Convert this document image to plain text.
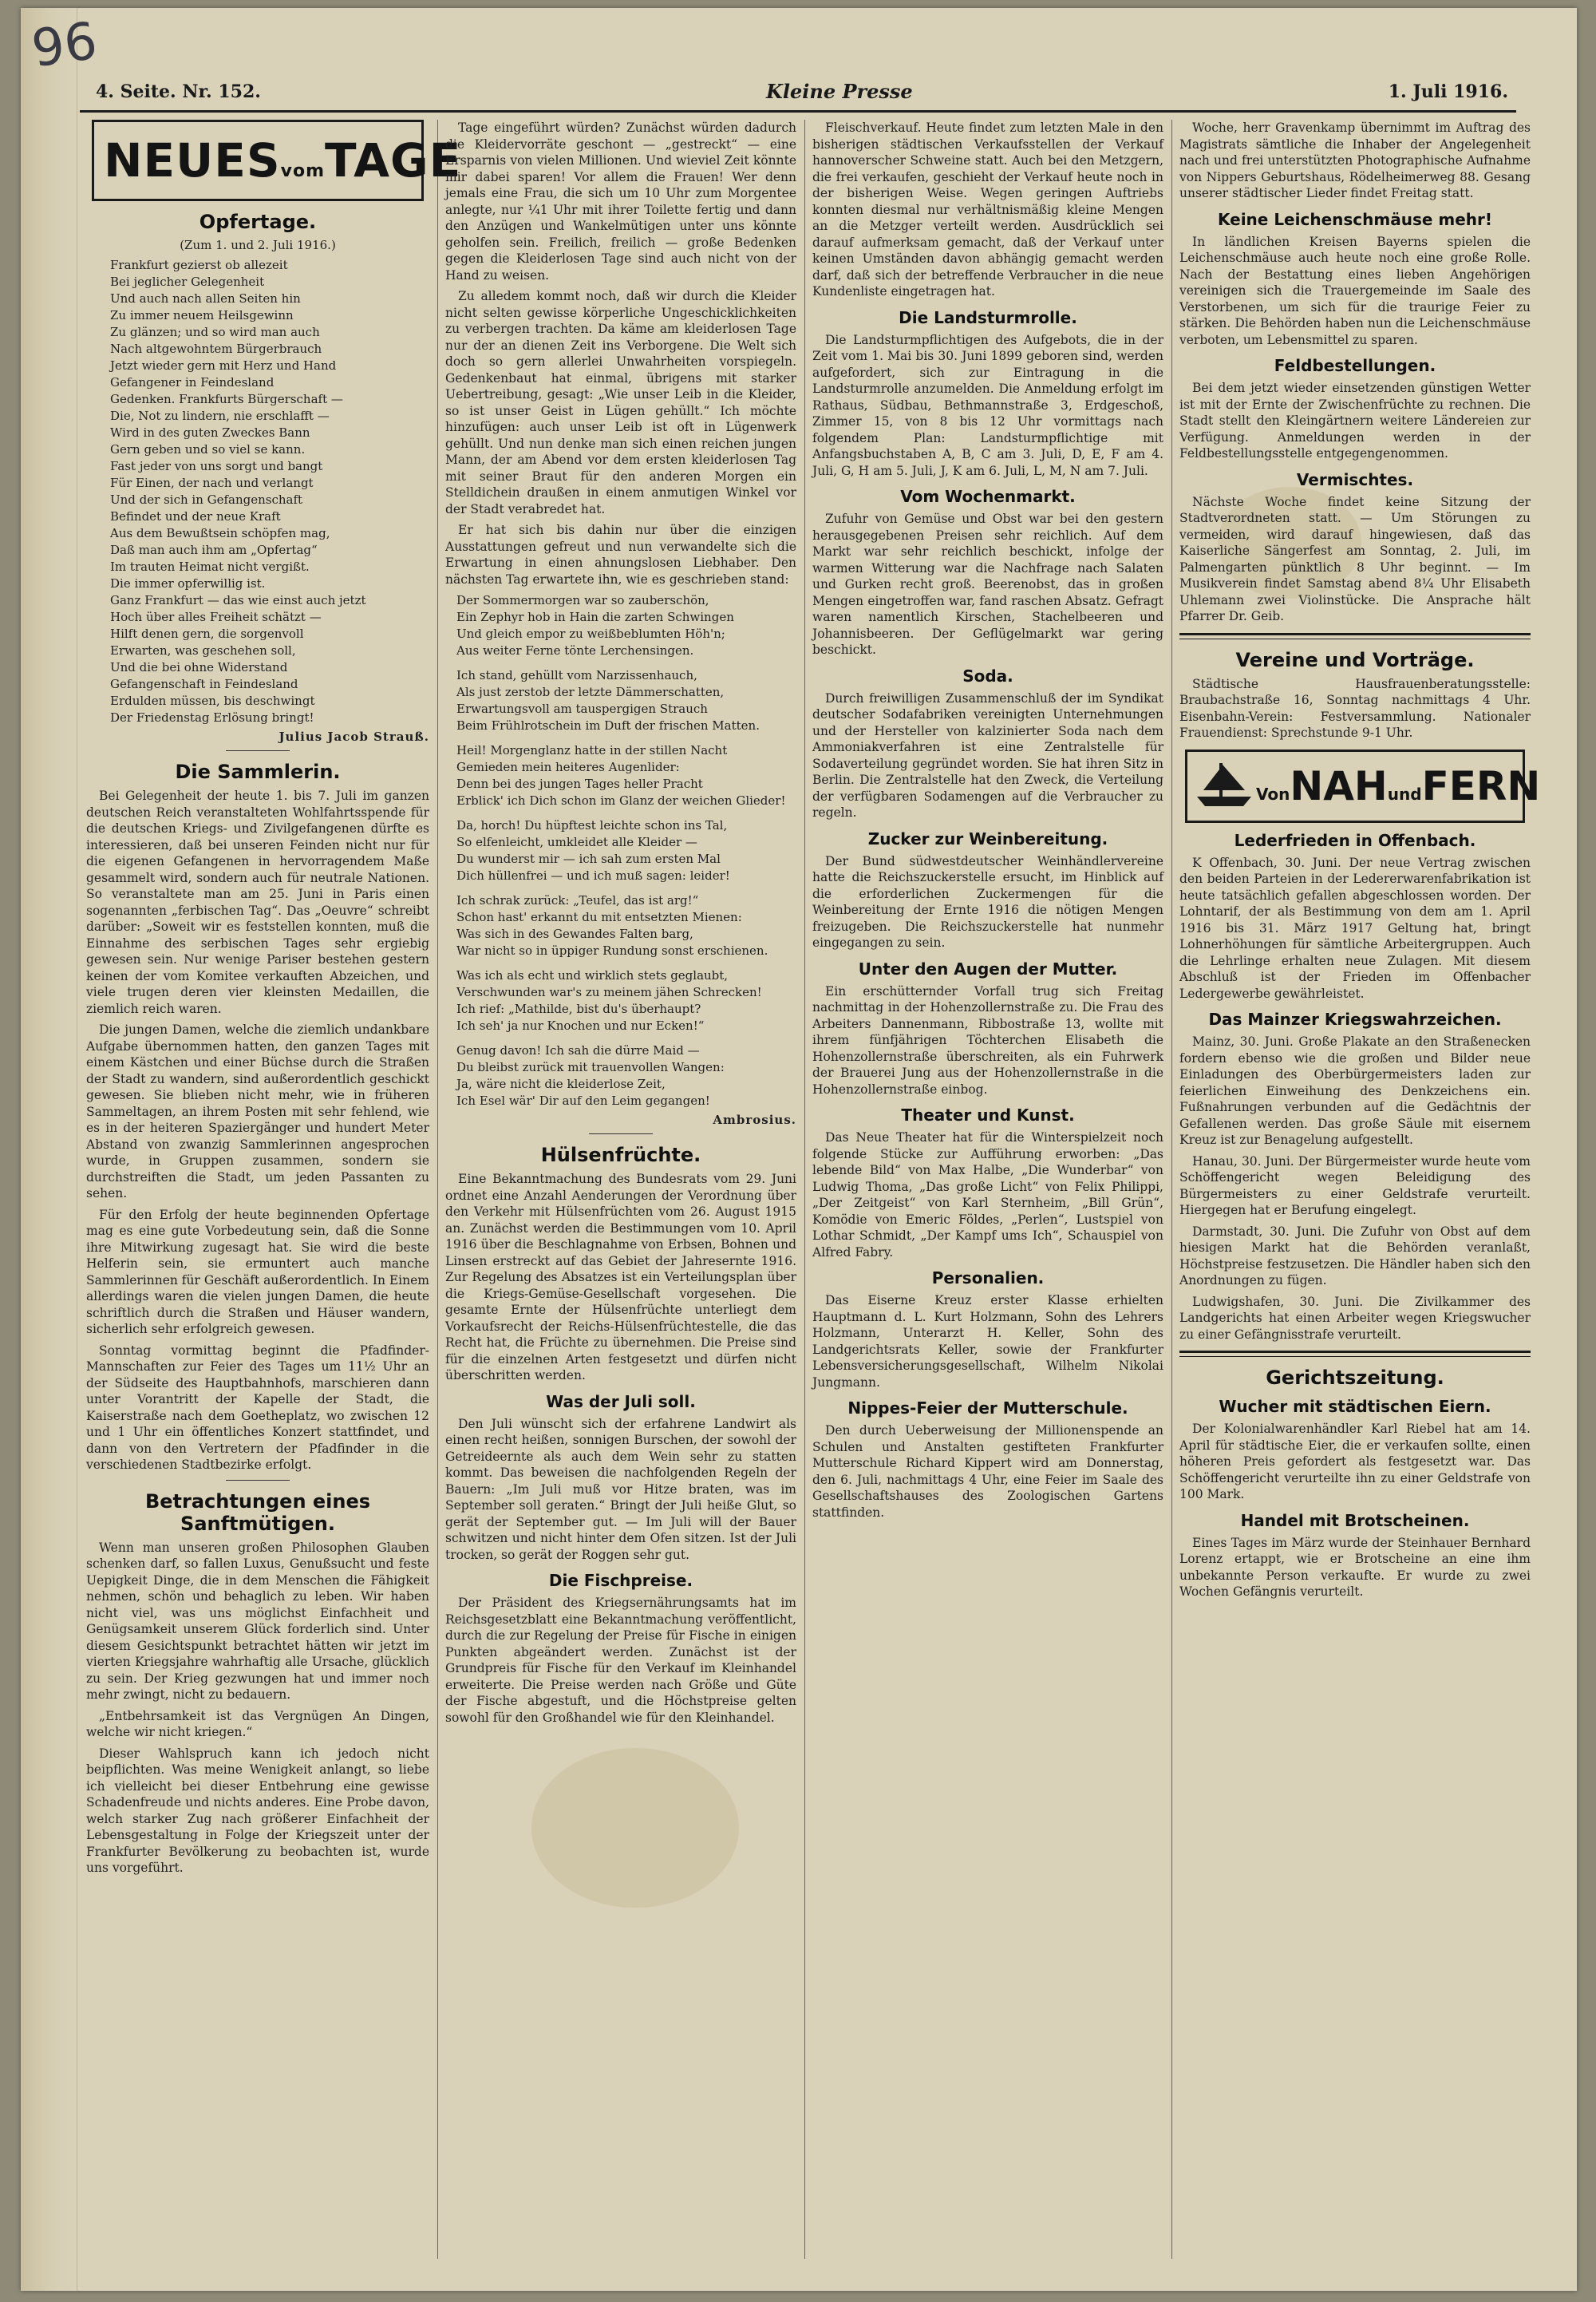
96
4. Seite. Nr. 152.	Kleine Presse	1. Juli 1916.
NEUESvomTAGE
Opfertage.
(Zum 1. und 2. Juli 1916.)
Frankfurt gezierst ob allezeit
Bei jeglicher Gelegenheit
Und auch nach allen Seiten hin
Zu immer neuem Heilsgewinn
Zu glänzen; und so wird man auch
Nach altgewohntem Bürgerbrauch
Jetzt wieder gern mit Herz und Hand
Gefangener in Feindesland
Gedenken. Frankfurts Bürgerschaft —
Die, Not zu lindern, nie erschlafft —
Wird in des guten Zweckes Bann
Gern geben und so viel se kann.
Fast jeder von uns sorgt und bangt
Für Einen, der nach und verlangt
Und der sich in Gefangenschaft
Befindet und der neue Kraft
Aus dem Bewußtsein schöpfen mag,
Daß man auch ihm am „Opfertag“
Im trauten Heimat nicht vergißt.
Die immer opferwillig ist.
Ganz Frankfurt — das wie einst auch jetzt
Hoch über alles Freiheit schätzt —
Hilft denen gern, die sorgenvoll
Erwarten, was geschehen soll,
Und die bei ohne Widerstand
Gefangenschaft in Feindesland
Erdulden müssen, bis deschwingt
Der Friedenstag Erlösung bringt!
Julius Jacob Strauß.
Die Sammlerin.

Bei Gelegenheit der heute 1. bis 7. Juli im ganzen deutschen Reich veranstalteten Wohlfahrtsspende für die deutschen Kriegs- und Zivilgefangenen dürfte es interessieren, daß bei unseren Feinden nicht nur für die eigenen Gefangenen in hervorragendem Maße gesammelt wird, sondern auch für neutrale Nationen. So veranstaltete man am 25. Juni in Paris einen sogenannten „ferbischen Tag“. Das „Oeuvre“ schreibt darüber: „Soweit wir es feststellen konnten, muß die Einnahme des serbischen Tages sehr ergiebig gewesen sein. Nur wenige Pariser bestehen gestern keinen der vom Komitee verkauften Abzeichen, und viele trugen deren vier kleinsten Medaillen, die ziemlich reich waren.

Die jungen Damen, welche die ziemlich undankbare Aufgabe übernommen hatten, den ganzen Tages mit einem Kästchen und einer Büchse durch die Straßen der Stadt zu wandern, sind außerordentlich geschickt gewesen. Sie blieben nicht mehr, wie in früheren Sammeltagen, an ihrem Posten mit sehr fehlend, wie es in der heiteren Spaziergänger und hundert Meter Abstand von zwanzig Sammlerinnen angesprochen wurde, in Gruppen zusammen, sondern sie durchstreiften die Stadt, um jeden Passanten zu sehen.

Für den Erfolg der heute beginnenden Opfertage mag es eine gute Vorbedeutung sein, daß die Sonne ihre Mitwirkung zugesagt hat. Sie wird die beste Helferin sein, sie ermuntert auch manche Sammlerinnen für Geschäft außerordentlich. In Einem allerdings waren die vielen jungen Damen, die heute schriftlich durch die Straßen und Häuser wandern, sicherlich sehr erfolgreich gewesen.

Sonntag vormittag beginnt die Pfadfinder-Mannschaften zur Feier des Tages um 11½ Uhr an der Südseite des Hauptbahnhofs, marschieren dann unter Vorantritt der Kapelle der Stadt, die Kaiserstraße nach dem Goetheplatz, wo zwischen 12 und 1 Uhr ein öffentliches Konzert stattfindet, und dann von den Vertretern der Pfadfinder in die verschiedenen Stadtbezirke erfolgt.

Betrachtungen eines Sanftmütigen.

Wenn man unseren großen Philosophen Glauben schenken darf, so fallen Luxus, Genußsucht und feste Uepigkeit Dinge, die in dem Menschen die Fähigkeit nehmen, schön und behaglich zu leben. Wir haben nicht viel, was uns möglichst Einfachheit und Genügsamkeit unserem Glück forderlich sind. Unter diesem Gesichtspunkt betrachtet hätten wir jetzt im vierten Kriegsjahre wahrhaftig alle Ursache, glücklich zu sein. Der Krieg gezwungen hat und immer noch mehr zwingt, nicht zu bedauern.

„Entbehrsamkeit ist das Vergnügen An Dingen, welche wir nicht kriegen.“

Dieser Wahlspruch kann ich jedoch nicht beipflichten. Was meine Wenigkeit anlangt, so liebe ich vielleicht bei dieser Entbehrung eine gewisse Schadenfreude und nichts anderes. Eine Probe davon, welch starker Zug nach größerer Einfachheit der Lebensgestaltung in Folge der Kriegszeit unter der Frankfurter Bevölkerung zu beobachten ist, wurde uns vorgeführt.

Tage eingeführt würden? Zunächst würden dadurch die Kleidervorräte geschont — „gestreckt“ — eine Ersparnis von vielen Millionen. Und wieviel Zeit könnte mir dabei sparen! Vor allem die Frauen! Wer denn jemals eine Frau, die sich um 10 Uhr zum Morgentee anlegte, nur ¼1 Uhr mit ihrer Toilette fertig und dann den Anzügen und Wankelmütigen unter uns könnte geholfen sein. Freilich, freilich — große Bedenken gegen die Kleiderlosen Tage sind auch nicht von der Hand zu weisen.

Zu alledem kommt noch, daß wir durch die Kleider nicht selten gewisse körperliche Ungeschicklichkeiten zu verbergen trachten. Da käme am kleiderlosen Tage nur der an dienen Zeit ins Verborgene. Die Welt sich doch so gern allerlei Unwahrheiten vorspiegeln. Gedenkenbaut hat einmal, übrigens mit starker Uebertreibung, gesagt: „Wie unser Leib in die Kleider, so ist unser Geist in Lügen gehüllt.“ Ich möchte hinzufügen: auch unser Leib ist oft in Lügenwerk gehüllt. Und nun denke man sich einen reichen jungen Mann, der am Abend vor dem ersten kleiderlosen Tag mit seiner Braut für den anderen Morgen ein Stelldichein draußen in einem anmutigen Winkel vor der Stadt verabredet hat.

Er hat sich bis dahin nur über die einzigen Ausstattungen gefreut und nun verwandelte sich die Erwartung in einen ahnungslosen Liebhaber. Den nächsten Tag erwartete ihn, wie es geschrieben stand:

Der Sommermorgen war so zauberschön,
Ein Zephyr hob in Hain die zarten Schwingen
Und gleich empor zu weißbeblumten Höh'n;
Aus weiter Ferne tönte Lerchensingen.
Ich stand, gehüllt vom Narzissenhauch,
Als just zerstob der letzte Dämmerschatten,
Erwartungsvoll am tauspergigen Strauch
Beim Frühlrotschein im Duft der frischen Matten.
Heil! Morgenglanz hatte in der stillen Nacht
Gemieden mein heiteres Augenlider:
Denn bei des jungen Tages heller Pracht
Erblick' ich Dich schon im Glanz der weichen Glieder!
Da, horch! Du hüpftest leichte schon ins Tal,
So elfenleicht, umkleidet alle Kleider —
Du wunderst mir — ich sah zum ersten Mal
Dich hüllenfrei — und ich muß sagen: leider!
Ich schrak zurück: „Teufel, das ist arg!“
Schon hast' erkannt du mit entsetzten Mienen:
Was sich in des Gewandes Falten barg,
War nicht so in üppiger Rundung sonst erschienen.
Was ich als echt und wirklich stets geglaubt,
Verschwunden war's zu meinem jähen Schrecken!
Ich rief: „Mathilde, bist du's überhaupt?
Ich seh' ja nur Knochen und nur Ecken!“
Genug davon! Ich sah die dürre Maid —
Du bleibst zurück mit trauenvollen Wangen:
Ja, wäre nicht die kleiderlose Zeit,
Ich Esel wär' Dir auf den Leim gegangen!
Ambrosius.
Hülsenfrüchte.

Eine Bekanntmachung des Bundesrats vom 29. Juni ordnet eine Anzahl Aenderungen der Verordnung über den Verkehr mit Hülsenfrüchten vom 26. August 1915 an. Zunächst werden die Bestimmungen vom 10. April 1916 über die Beschlagnahme von Erbsen, Bohnen und Linsen erstreckt auf das Gebiet der Jahresernte 1916. Zur Regelung des Absatzes ist ein Verteilungsplan über die Kriegs-Gemüse-Gesellschaft vorgesehen. Die gesamte Ernte der Hülsenfrüchte unterliegt dem Vorkaufsrecht der Reichs-Hülsenfrüchtestelle, die das Recht hat, die Früchte zu übernehmen. Die Preise sind für die einzelnen Arten festgesetzt und dürfen nicht überschritten werden.

Was der Juli soll.

Den Juli wünscht sich der erfahrene Landwirt als einen recht heißen, sonnigen Burschen, der sowohl der Getreideernte als auch dem Wein sehr zu statten kommt. Das beweisen die nachfolgenden Regeln der Bauern: „Im Juli muß vor Hitze braten, was im September soll geraten.“ Bringt der Juli heiße Glut, so gerät der September gut. — Im Juli will der Bauer schwitzen und nicht hinter dem Ofen sitzen. Ist der Juli trocken, so gerät der Roggen sehr gut.

Die Fischpreise.

Der Präsident des Kriegsernährungsamts hat im Reichsgesetzblatt eine Bekanntmachung veröffentlicht, durch die zur Regelung der Preise für Fische in einigen Punkten abgeändert werden. Zunächst ist der Grundpreis für Fische für den Verkauf im Kleinhandel erweiterte. Die Preise werden nach Größe und Güte der Fische abgestuft, und die Höchstpreise gelten sowohl für den Großhandel wie für den Kleinhandel.

Fleischverkauf. Heute findet zum letzten Male in den bisherigen städtischen Verkaufsstellen der Verkauf hannoverscher Schweine statt. Auch bei den Metzgern, die frei verkaufen, geschieht der Verkauf heute noch in der bisherigen Weise. Wegen geringen Auftriebs konnten diesmal nur verhältnismäßig kleine Mengen an die Metzger verteilt werden. Ausdrücklich sei darauf aufmerksam gemacht, daß der Verkauf unter keinen Umständen davon abhängig gemacht werden darf, daß sich der betreffende Verbraucher in die neue Kundenliste eingetragen hat.

Die Landsturmrolle.

Die Landsturmpflichtigen des Aufgebots, die in der Zeit vom 1. Mai bis 30. Juni 1899 geboren sind, werden aufgefordert, sich zur Eintragung in die Landsturmrolle anzumelden. Die Anmeldung erfolgt im Rathaus, Südbau, Bethmannstraße 3, Erdgeschoß, Zimmer 15, von 8 bis 12 Uhr vormittags nach folgendem Plan: Landsturmpflichtige mit Anfangsbuchstaben A, B, C am 3. Juli, D, E, F am 4. Juli, G, H am 5. Juli, J, K am 6. Juli, L, M, N am 7. Juli.

Vom Wochenmarkt.

Zufuhr von Gemüse und Obst war bei den gestern herausgegebenen Preisen sehr reichlich. Auf dem Markt war sehr reichlich beschickt, infolge der warmen Witterung war die Nachfrage nach Salaten und Gurken recht groß. Beerenobst, das in großen Mengen eingetroffen war, fand raschen Absatz. Gefragt waren namentlich Kirschen, Stachelbeeren und Johannisbeeren. Der Geflügelmarkt war gering beschickt.

Soda.

Durch freiwilligen Zusammenschluß der im Syndikat deutscher Sodafabriken vereinigten Unternehmungen und der Hersteller von kalzinierter Soda nach dem Ammoniakverfahren ist eine Zentralstelle für Sodaverteilung gegründet worden. Sie hat ihren Sitz in Berlin. Die Zentralstelle hat den Zweck, die Verteilung der verfügbaren Sodamengen auf die Verbraucher zu regeln.

Zucker zur Weinbereitung.

Der Bund südwestdeutscher Weinhändlervereine hatte die Reichszuckerstelle ersucht, im Hinblick auf die erforderlichen Zuckermengen für die Weinbereitung der Ernte 1916 die nötigen Mengen freizugeben. Die Reichszuckerstelle hat nunmehr eingegangen zu sein.

Unter den Augen der Mutter.

Ein erschütternder Vorfall trug sich Freitag nachmittag in der Hohenzollernstraße zu. Die Frau des Arbeiters Dannenmann, Ribbostraße 13, wollte mit ihrem fünfjährigen Töchterchen Elisabeth die Hohenzollernstraße überschreiten, als ein Fuhrwerk der Brauerei Jung aus der Hohenzollernstraße in die Hohenzollernstraße einbog.

Theater und Kunst.

Das Neue Theater hat für die Winterspielzeit noch folgende Stücke zur Aufführung erworben: „Das lebende Bild“ von Max Halbe, „Die Wunderbar“ von Ludwig Thoma, „Das große Licht“ von Felix Philippi, „Der Zeitgeist“ von Karl Sternheim, „Bill Grün“, Komödie von Emeric Földes, „Perlen“, Lustspiel von Lothar Schmidt, „Der Kampf ums Ich“, Schauspiel von Alfred Fabry.

Personalien.

Das Eiserne Kreuz erster Klasse erhielten Hauptmann d. L. Kurt Holzmann, Sohn des Lehrers Holzmann, Unterarzt H. Keller, Sohn des Landgerichtsrats Keller, sowie der Frankfurter Lebensversicherungsgesellschaft, Wilhelm Nikolai Jungmann.

Nippes-Feier der Mutterschule.

Den durch Ueberweisung der Millionenspende an Schulen und Anstalten gestifteten Frankfurter Mutterschule Richard Kippert wird am Donnerstag, den 6. Juli, nachmittags 4 Uhr, eine Feier im Saale des Gesellschaftshauses des Zoologischen Gartens stattfinden.

Woche, herr Gravenkamp übernimmt im Auftrag des Magistrats sämtliche die Inhaber der Angelegenheit nach und frei unterstützten Photographische Aufnahme von Nippers Geburtshaus, Rödelheimerweg 88. Gesang unserer städtischer Lieder findet Freitag statt.

Keine Leichenschmäuse mehr!

In ländlichen Kreisen Bayerns spielen die Leichenschmäuse auch heute noch eine große Rolle. Nach der Bestattung eines lieben Angehörigen vereinigen sich die Trauergemeinde im Saale des Verstorbenen, um sich für die traurige Feier zu stärken. Die Behörden haben nun die Leichenschmäuse verboten, um Lebensmittel zu sparen.

Feldbestellungen.

Bei dem jetzt wieder einsetzenden günstigen Wetter ist mit der Ernte der Zwischenfrüchte zu rechnen. Die Stadt stellt den Kleingärtnern weitere Ländereien zur Verfügung. Anmeldungen werden in der Feldbestellungsstelle entgegengenommen.

Vermischtes.

Nächste Woche findet keine Sitzung der Stadtverordneten statt. — Um Störungen zu vermeiden, wird darauf hingewiesen, daß das Kaiserliche Sängerfest am Sonntag, 2. Juli, im Palmengarten pünktlich 8 Uhr beginnt. — Im Musikverein findet Samstag abend 8¼ Uhr Elisabeth Uhlemann zwei Violinstücke. Die Ansprache hält Pfarrer Dr. Geib.

Vereine und Vorträge.

Städtische Hausfrauenberatungsstelle: Braubachstraße 16, Sonntag nachmittags 4 Uhr. Eisenbahn-Verein: Festversammlung. Nationaler Frauendienst: Sprechstunde 9-1 Uhr.

VonNAHundFERN
Lederfrieden in Offenbach.

K Offenbach, 30. Juni. Der neue Vertrag zwischen den beiden Parteien in der Ledererwarenfabrikation ist heute tatsächlich gefallen abgeschlossen worden. Der Lohntarif, der als Bestimmung von dem am 1. April 1916 bis 31. März 1917 Geltung hat, bringt Lohnerhöhungen für sämtliche Arbeitergruppen. Auch die Lehrlinge erhalten neue Zulagen. Mit diesem Abschluß ist der Frieden im Offenbacher Ledergewerbe gewährleistet.

Das Mainzer Kriegswahrzeichen.

Mainz, 30. Juni. Große Plakate an den Straßenecken fordern ebenso wie die großen und Bilder neue Einladungen des Oberbürgermeisters laden zur feierlichen Einweihung des Denkzeichens ein. Fußnahrungen verbunden auf die Gedächtnis der Gefallenen werden. Das große Säule mit eisernem Kreuz ist zur Benagelung aufgestellt.

Hanau, 30. Juni. Der Bürgermeister wurde heute vom Schöffengericht wegen Beleidigung des Bürgermeisters zu einer Geldstrafe verurteilt. Hiergegen hat er Berufung eingelegt.

Darmstadt, 30. Juni. Die Zufuhr von Obst auf dem hiesigen Markt hat die Behörden veranlaßt, Höchstpreise festzusetzen. Die Händler haben sich den Anordnungen zu fügen.

Ludwigshafen, 30. Juni. Die Zivilkammer des Landgerichts hat einen Arbeiter wegen Kriegswucher zu einer Gefängnisstrafe verurteilt.

Gerichtszeitung.
Wucher mit städtischen Eiern.

Der Kolonialwarenhändler Karl Riebel hat am 14. April für städtische Eier, die er verkaufen sollte, einen höheren Preis gefordert als festgesetzt war. Das Schöffengericht verurteilte ihn zu einer Geldstrafe von 100 Mark.

Handel mit Brotscheinen.

Eines Tages im März wurde der Steinhauer Bernhard Lorenz ertappt, wie er Brotscheine an eine ihm unbekannte Person verkaufte. Er wurde zu zwei Wochen Gefängnis verurteilt.
